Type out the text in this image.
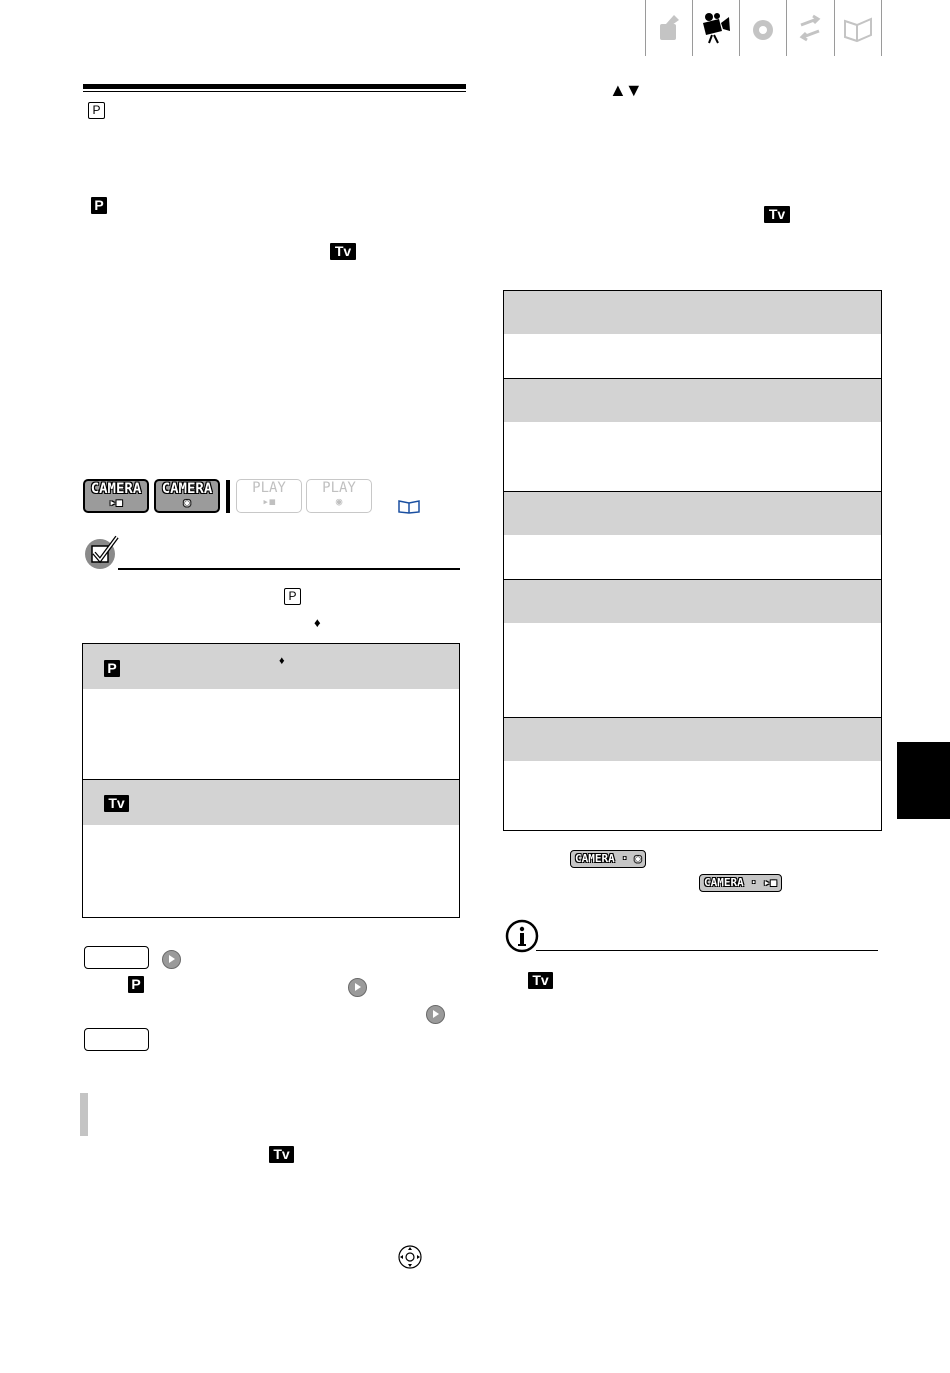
P
P
Tv
CAMERA
▸◼
CAMERA
◉
PLAY
▸◼
PLAY
◉
P
♦
P	♦
Tv
P
Tv
▲▼
Tv
CAMERA · ◉
CAMERA · ▸◼
Tv
